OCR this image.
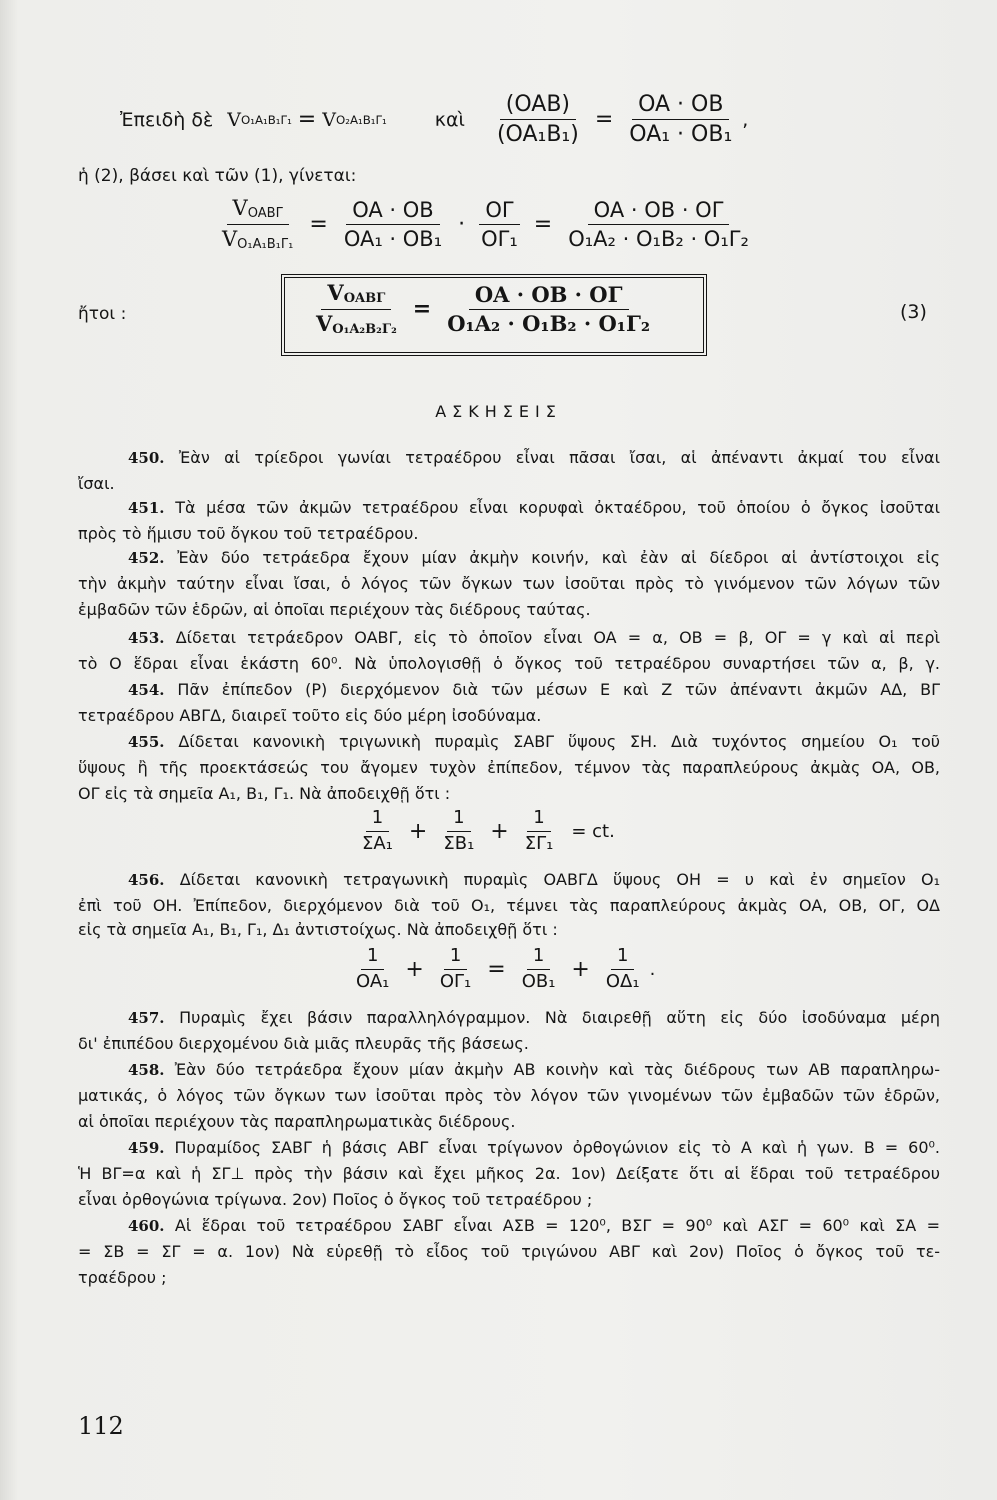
Ἐπειδὴ δὲ V O₁A₁B₁Γ₁ = V O₂A₁B₁Γ₁	καὶ $\frac{\text{(OAB)}}{\text{(OA₁B₁)}} = \frac{OA \cdot OB}{\text{OA₁ · OB₁}}$ ,
ἡ (2), βάσει καὶ τῶν (1), γίνεται:
$\frac{\text{VOABΓ}}{\text{VO₁A₁B₁Γ₁}} = \frac{OA \cdot OB}{\text{OA₁ · OB₁}} \cdot \frac{O\Gamma}{\text{OΓ₁}} = \frac{OA \cdot OB \cdot O\Gamma}{\text{O₁A₂ · O₁B₂ · O₁Γ₂}}$
ἤτοι :	$\frac{\text{VOABΓ}}{\text{VO₁A₂B₂Γ₂}} = \frac{OA \cdot OB \cdot O\Gamma}{\text{O₁A₂ · O₁B₂ · O₁Γ₂}}$	(3)
ΑΣΚΗΣΕΙΣ
450. Ἐὰν αἱ τρίεδροι γωνίαι τετραέδρου εἶναι πᾶσαι ἴσαι, αἱ ἀπέναντι ἀκμαί του εἶναι
ἴσαι.
451. Τὰ μέσα τῶν ἀκμῶν τετραέδρου εἶναι κορυφαὶ ὀκταέδρου, τοῦ ὁποίου ὁ ὄγκος ἰσοῦται
πρὸς τὸ ἥμισυ τοῦ ὄγκου τοῦ τετραέδρου.
452. Ἐὰν δύο τετράεδρα ἔχουν μίαν ἀκμὴν κοινήν, καὶ ἐὰν αἱ δίεδροι αἱ ἀντίστοιχοι εἰς
τὴν ἀκμὴν ταύτην εἶναι ἴσαι, ὁ λόγος τῶν ὄγκων των ἰσοῦται πρὸς τὸ γινόμενον τῶν λόγων τῶν
ἐμβαδῶν τῶν ἑδρῶν, αἱ ὁποῖαι περιέχουν τὰς διέδρους ταύτας.
453. Δίδεται τετράεδρον OABΓ, εἰς τὸ ὁποῖον εἶναι OA = α, OB = β, OΓ = γ καὶ αἱ περὶ
τὸ O ἕδραι εἶναι ἑκάστη 60⁰. Νὰ ὑπολογισθῇ ὁ ὄγκος τοῦ τετραέδρου συναρτήσει τῶν α, β, γ.
454. Πᾶν ἐπίπεδον (P) διερχόμενον διὰ τῶν μέσων E καὶ Z τῶν ἀπέναντι ἀκμῶν ΑΔ, ΒΓ
τετραέδρου ΑΒΓΔ, διαιρεῖ τοῦτο εἰς δύο μέρη ἰσοδύναμα.
455. Δίδεται κανονικὴ τριγωνικὴ πυραμὶς ΣΑΒΓ ὕψους ΣΗ. Διὰ τυχόντος σημείου O₁ τοῦ
ὕψους ἢ τῆς προεκτάσεώς του ἄγομεν τυχὸν ἐπίπεδον, τέμνον τὰς παραπλεύρους ἀκμὰς OA, OB,
OΓ εἰς τὰ σημεῖα A₁, B₁, Γ₁. Νὰ ἀποδειχθῇ ὅτι :
$\frac{1}{\text{ΣA₁}} + \frac{1}{\text{ΣB₁}} + \frac{1}{\text{ΣΓ₁}}$ = ct.
456. Δίδεται κανονικὴ τετραγωνικὴ πυραμὶς ΟΑΒΓΔ ὕψους OH = υ καὶ ἐν σημεῖον O₁
ἐπὶ τοῦ OH. Ἐπίπεδον, διερχόμενον διὰ τοῦ O₁, τέμνει τὰς παραπλεύρους ἀκμὰς OA, OB, OΓ, OΔ
εἰς τὰ σημεῖα A₁, B₁, Γ₁, Δ₁ ἀντιστοίχως. Νὰ ἀποδειχθῇ ὅτι :
$\frac{1}{\text{OA₁}} + \frac{1}{\text{OΓ₁}} = \frac{1}{\text{OB₁}} + \frac{1}{\text{OΔ₁}}$ .
457. Πυραμὶς ἔχει βάσιν παραλληλόγραμμον. Νὰ διαιρεθῇ αὕτη εἰς δύο ἰσοδύναμα μέρη
δι' ἐπιπέδου διερχομένου διὰ μιᾶς πλευρᾶς τῆς βάσεως.
458. Ἐὰν δύο τετράεδρα ἔχουν μίαν ἀκμὴν AB κοινὴν καὶ τὰς διέδρους των AB παραπληρω-
ματικάς, ὁ λόγος τῶν ὄγκων των ἰσοῦται πρὸς τὸν λόγον τῶν γινομένων τῶν ἐμβαδῶν τῶν ἑδρῶν,
αἱ ὁποῖαι περιέχουν τὰς παραπληρωματικὰς διέδρους.
459. Πυραμίδος ΣΑΒΓ ἡ βάσις ΑΒΓ εἶναι τρίγωνον ὀρθογώνιον εἰς τὸ A καὶ ἡ γων. B = 60⁰.
Ἡ ΒΓ=α καὶ ἡ ΣΓ⊥ πρὸς τὴν βάσιν καὶ ἔχει μῆκος 2α. 1ον) Δείξατε ὅτι αἱ ἕδραι τοῦ τετραέδρου
εἶναι ὀρθογώνια τρίγωνα. 2ον) Ποῖος ὁ ὄγκος τοῦ τετραέδρου ;
460. Αἱ ἕδραι τοῦ τετραέδρου ΣΑΒΓ εἶναι ΑΣΒ = 120⁰, ΒΣΓ = 90⁰ καὶ ΑΣΓ = 60⁰ καὶ ΣΑ =
= ΣΒ = ΣΓ = α. 1ον) Νὰ εὑρεθῇ τὸ εἶδος τοῦ τριγώνου ΑΒΓ καὶ 2ον) Ποῖος ὁ ὄγκος τοῦ τε-
τραέδρου ;
112
